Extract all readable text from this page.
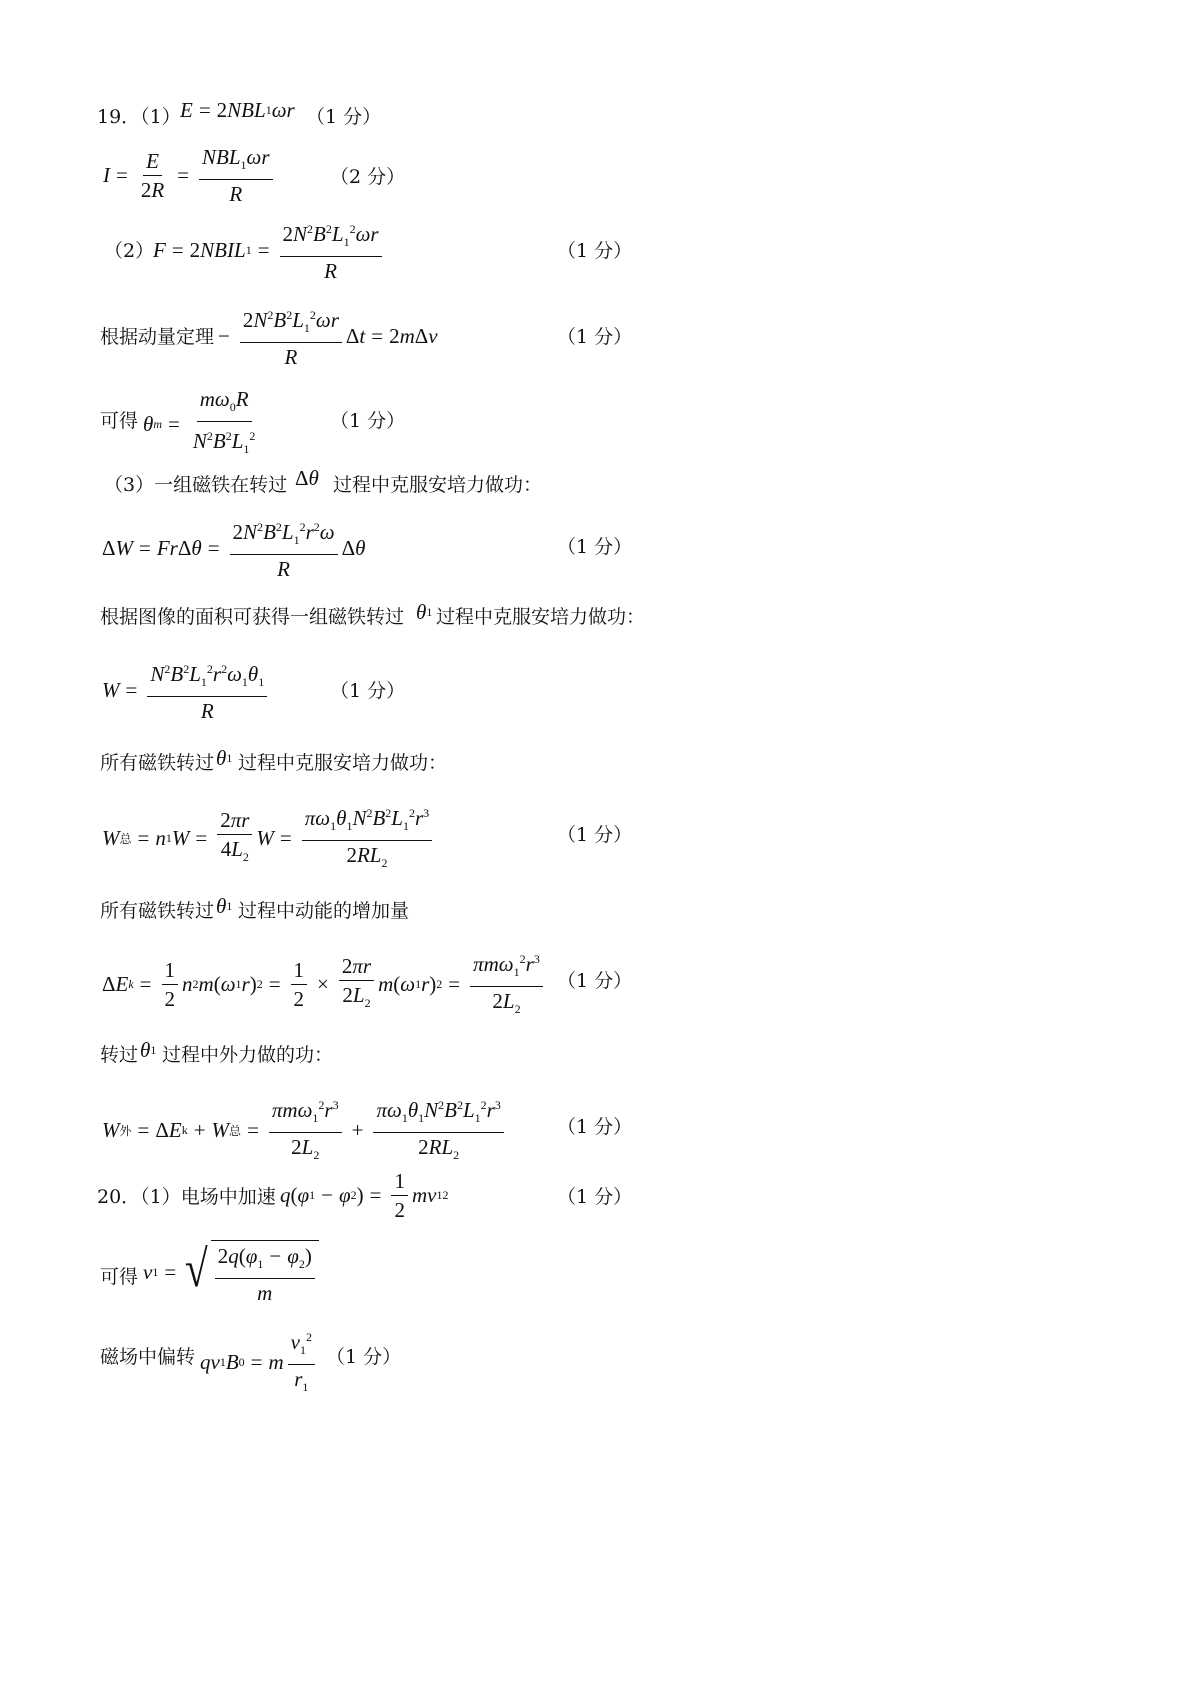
19．（1） E = 2 NBL 1 ωr （1 分）
$I = \frac{E}{2R} = \frac{NBL_1\omega r}{R}$	（2 分）
（2）
F = 2 NBIL $1 = \frac{2N^2B^2L_1^2\omega r}{R}$	（1 分）
根据动量定理 − $\frac{2N^2B^2L_1^2\omega r}{R}$ Δ t = 2 m Δ v	（1 分）
可得 θ $m = \frac{m\omega_0R}{N^2B^2L_1^2}$	（1 分）
（3）一组磁铁在转过 Δ θ 过程中克服安培力做功：
Δ W = Fr Δ $\theta = \frac{2N^2B^2L_1^2r^2\omega}{R}$ Δ θ	（1 分）
根据图像的面积可获得一组磁铁转过 θ 1 过程中克服安培力做功：
$W = \frac{N^2B^2L_1^2r^2\omega_1\theta_1}{R}$	（1 分）
所有磁铁转过 θ 1 过程中克服安培力做功：
W 总 = n 1 $W = \frac{2\pi r}{4L_2}$ $W = \frac{\pi\omega_1\theta_1N^2B^2L_1^2r^3}{2RL_2}$	（1 分）
所有磁铁转过 θ 1 过程中动能的增加量
Δ E $k = \frac{1}{2}$ n 2 m ( ω 1 r ) $2 = \frac{1}{2} \times \frac{2\pi r}{2L_2}$ m ( ω 1 r ) $2 = \frac{\pi m\omega_1^2r^3}{2L_2} (1$ 分）
转过 θ 1 过程中外力做的功：
W 外 = Δ E k + W 总 = $\frac{\pi m\omega_1^2r^3}{2L_2} + \frac{\pi\omega_1\theta_1N^2B^2L_1^2r^3}{2RL_2}$	（1 分）
20．（1）电场中加速 q ( φ 1 − φ 2 ) = $\frac{1}{2}$ mv 1 2	（1 分）
可得 v 1 = √ $\frac{2q(\varphi_1 - \varphi_2)}{m}$
磁场中偏转 qv 1 B 0 = m $\frac{v_1^2}{r_1} (1$ 分）
